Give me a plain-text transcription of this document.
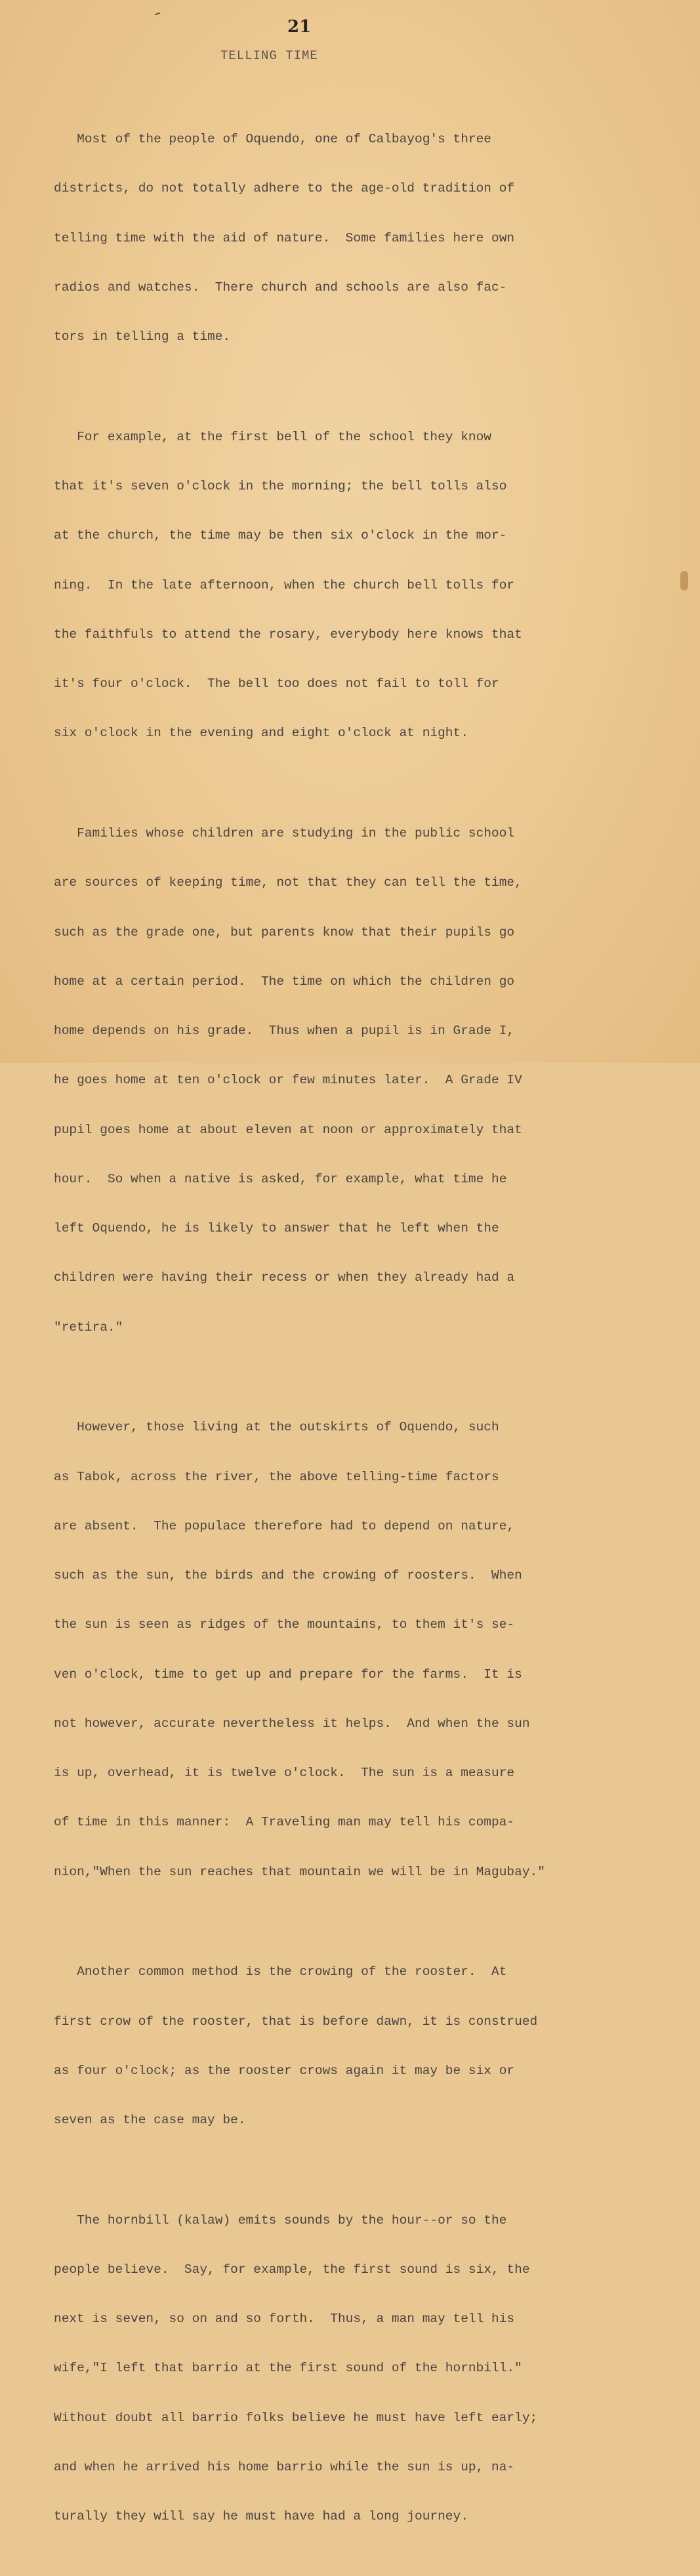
21
TELLING TIME

Most of the people of Oquendo, one of Calbayog's three

districts, do not totally adhere to the age-old tradition of

telling time with the aid of nature.  Some families here own

radios and watches.  There church and schools are also fac-

tors in telling a time.

For example, at the first bell of the school they know

that it's seven o'clock in the morning; the bell tolls also

at the church, the time may be then six o'clock in the mor-

ning.  In the late afternoon, when the church bell tolls for

the faithfuls to attend the rosary, everybody here knows that

it's four o'clock.  The bell too does not fail to toll for

six o'clock in the evening and eight o'clock at night.

Families whose children are studying in the public school

are sources of keeping time, not that they can tell the time,

such as the grade one, but parents know that their pupils go

home at a certain period.  The time on which the children go

home depends on his grade.  Thus when a pupil is in Grade I,

he goes home at ten o'clock or few minutes later.  A Grade IV

pupil goes home at about eleven at noon or approximately that

hour.  So when a native is asked, for example, what time he

left Oquendo, he is likely to answer that he left when the

children were having their recess or when they already had a

"retira."

However, those living at the outskirts of Oquendo, such

as Tabok, across the river, the above telling-time factors

are absent.  The populace therefore had to depend on nature,

such as the sun, the birds and the crowing of roosters.  When

the sun is seen as ridges of the mountains, to them it's se-

ven o'clock, time to get up and prepare for the farms.  It is

not however, accurate nevertheless it helps.  And when the sun

is up, overhead, it is twelve o'clock.  The sun is a measure

of time in this manner:  A Traveling man may tell his compa-

nion,"When the sun reaches that mountain we will be in Magubay."

Another common method is the crowing of the rooster.  At

first crow of the rooster, that is before dawn, it is construed

as four o'clock; as the rooster crows again it may be six or

seven as the case may be.

The hornbill (kalaw) emits sounds by the hour--or so the

people believe.  Say, for example, the first sound is six, the

next is seven, so on and so forth.  Thus, a man may tell his

wife,"I left that barrio at the first sound of the hornbill."

Without doubt all barrio folks believe he must have left early;

and when he arrived his home barrio while the sun is up, na-

turally they will say he must have had a long journey.
